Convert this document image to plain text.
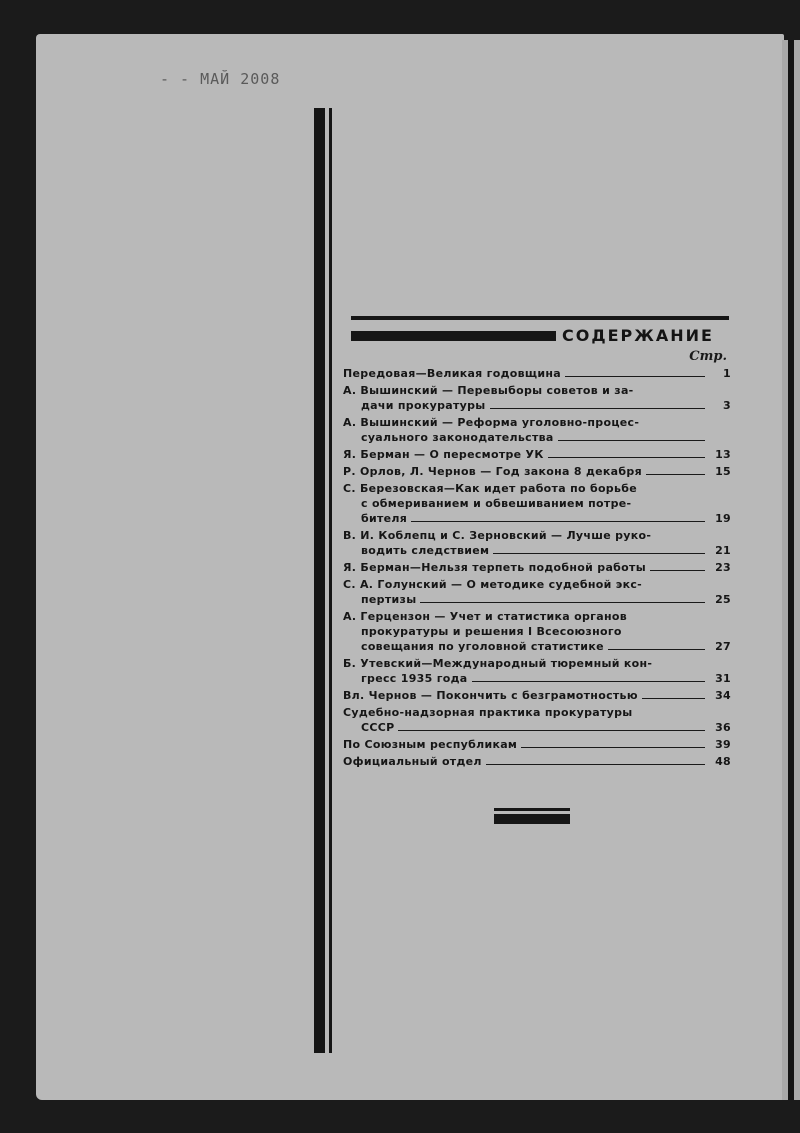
- - МАЙ 2008
СОДЕРЖАНИЕ
Стр.
Передовая—Великая годовщина	1
А. Вышинский — Перевыборы советов и за-
дачи прокуратуры	3
А. Вышинский — Реформа уголовно-процес-
суального законодательства
Я. Берман — О пересмотре УК	13
Р. Орлов, Л. Чернов — Год закона 8 декабря	15
С. Березовская—Как идет работа по борьбе
с обмериванием и обвешиванием потре-
бителя	19
В. И. Коблепц и С. Зерновский — Лучше руко-
водить следствием	21
Я. Берман—Нельзя терпеть подобной работы	23
С. А. Голунский — О методике судебной экс-
пертизы	25
А. Герцензон — Учет и статистика органов
прокуратуры и решения I Всесоюзного
совещания по уголовной статистике	27
Б. Утевский—Международный тюремный кон-
гресс 1935 года	31
Вл. Чернов — Покончить с безграмотностью	34
Судебно-надзорная практика прокуратуры
СССР	36
По Союзным республикам	39
Официальный отдел	48
